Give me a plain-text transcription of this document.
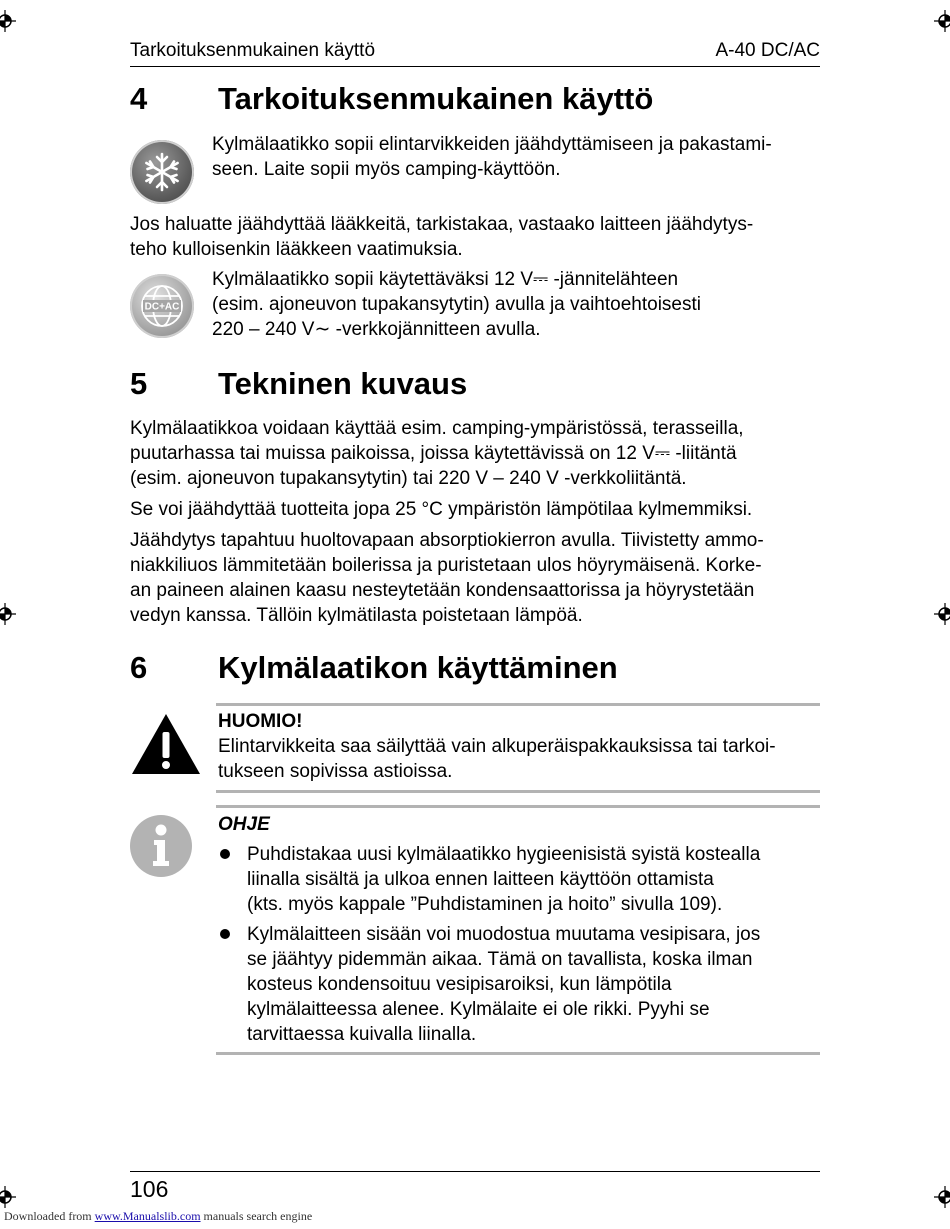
Tarkoituksenmukainen käyttö	A-40 DC/AC
4 Tarkoituksenmukainen käyttö
Kylmälaatikko sopii elintarvikkeiden jäähdyttämiseen ja pakastami-
seen. Laite sopii myös camping-käyttöön.
Jos haluatte jäähdyttää lääkkeitä, tarkistakaa, vastaako laitteen jäähdytys-
teho kulloisenkin lääkkeen vaatimuksia.
DC+AC
Kylmälaatikko sopii käytettäväksi 12 V⎓ -jännitelähteen
(esim. ajoneuvon tupakansytytin) avulla ja vaihtoehtoisesti
220 – 240 V∼ -verkkojännitteen avulla.
5 Tekninen kuvaus
Kylmälaatikkoa voidaan käyttää esim. camping-ympäristössä, terasseilla,
puutarhassa tai muissa paikoissa, joissa käytettävissä on 12 V⎓ -liitäntä
(esim. ajoneuvon tupakansytytin) tai 220 V – 240 V -verkkoliitäntä.
Se voi jäähdyttää tuotteita jopa 25 °C ympäristön lämpötilaa kylmemmiksi.
Jäähdytys tapahtuu huoltovapaan absorptiokierron avulla. Tiivistetty ammo-
niakkiliuos lämmitetään boilerissa ja puristetaan ulos höyrymäisenä. Korke-
an paineen alainen kaasu nesteytetään kondensaattorissa ja höyrystetään
vedyn kanssa. Tällöin kylmätilasta poistetaan lämpöä.
6 Kylmälaatikon käyttäminen
HUOMIO!
Elintarvikkeita saa säilyttää vain alkuperäispakkauksissa tai tarkoi-
tukseen sopivissa astioissa.
OHJE
Puhdistakaa uusi kylmälaatikko hygieenisistä syistä kostealla
liinalla sisältä ja ulkoa ennen laitteen käyttöön ottamista
(kts. myös kappale ”Puhdistaminen ja hoito” sivulla 109).
Kylmälaitteen sisään voi muodostua muutama vesipisara, jos
se jäähtyy pidemmän aikaa. Tämä on tavallista, koska ilman
kosteus kondensoituu vesipisaroiksi, kun lämpötila
kylmälaitteessa alenee. Kylmälaite ei ole rikki. Pyyhi se
tarvittaessa kuivalla liinalla.
106
Downloaded from www.Manualslib.com manuals search engine
